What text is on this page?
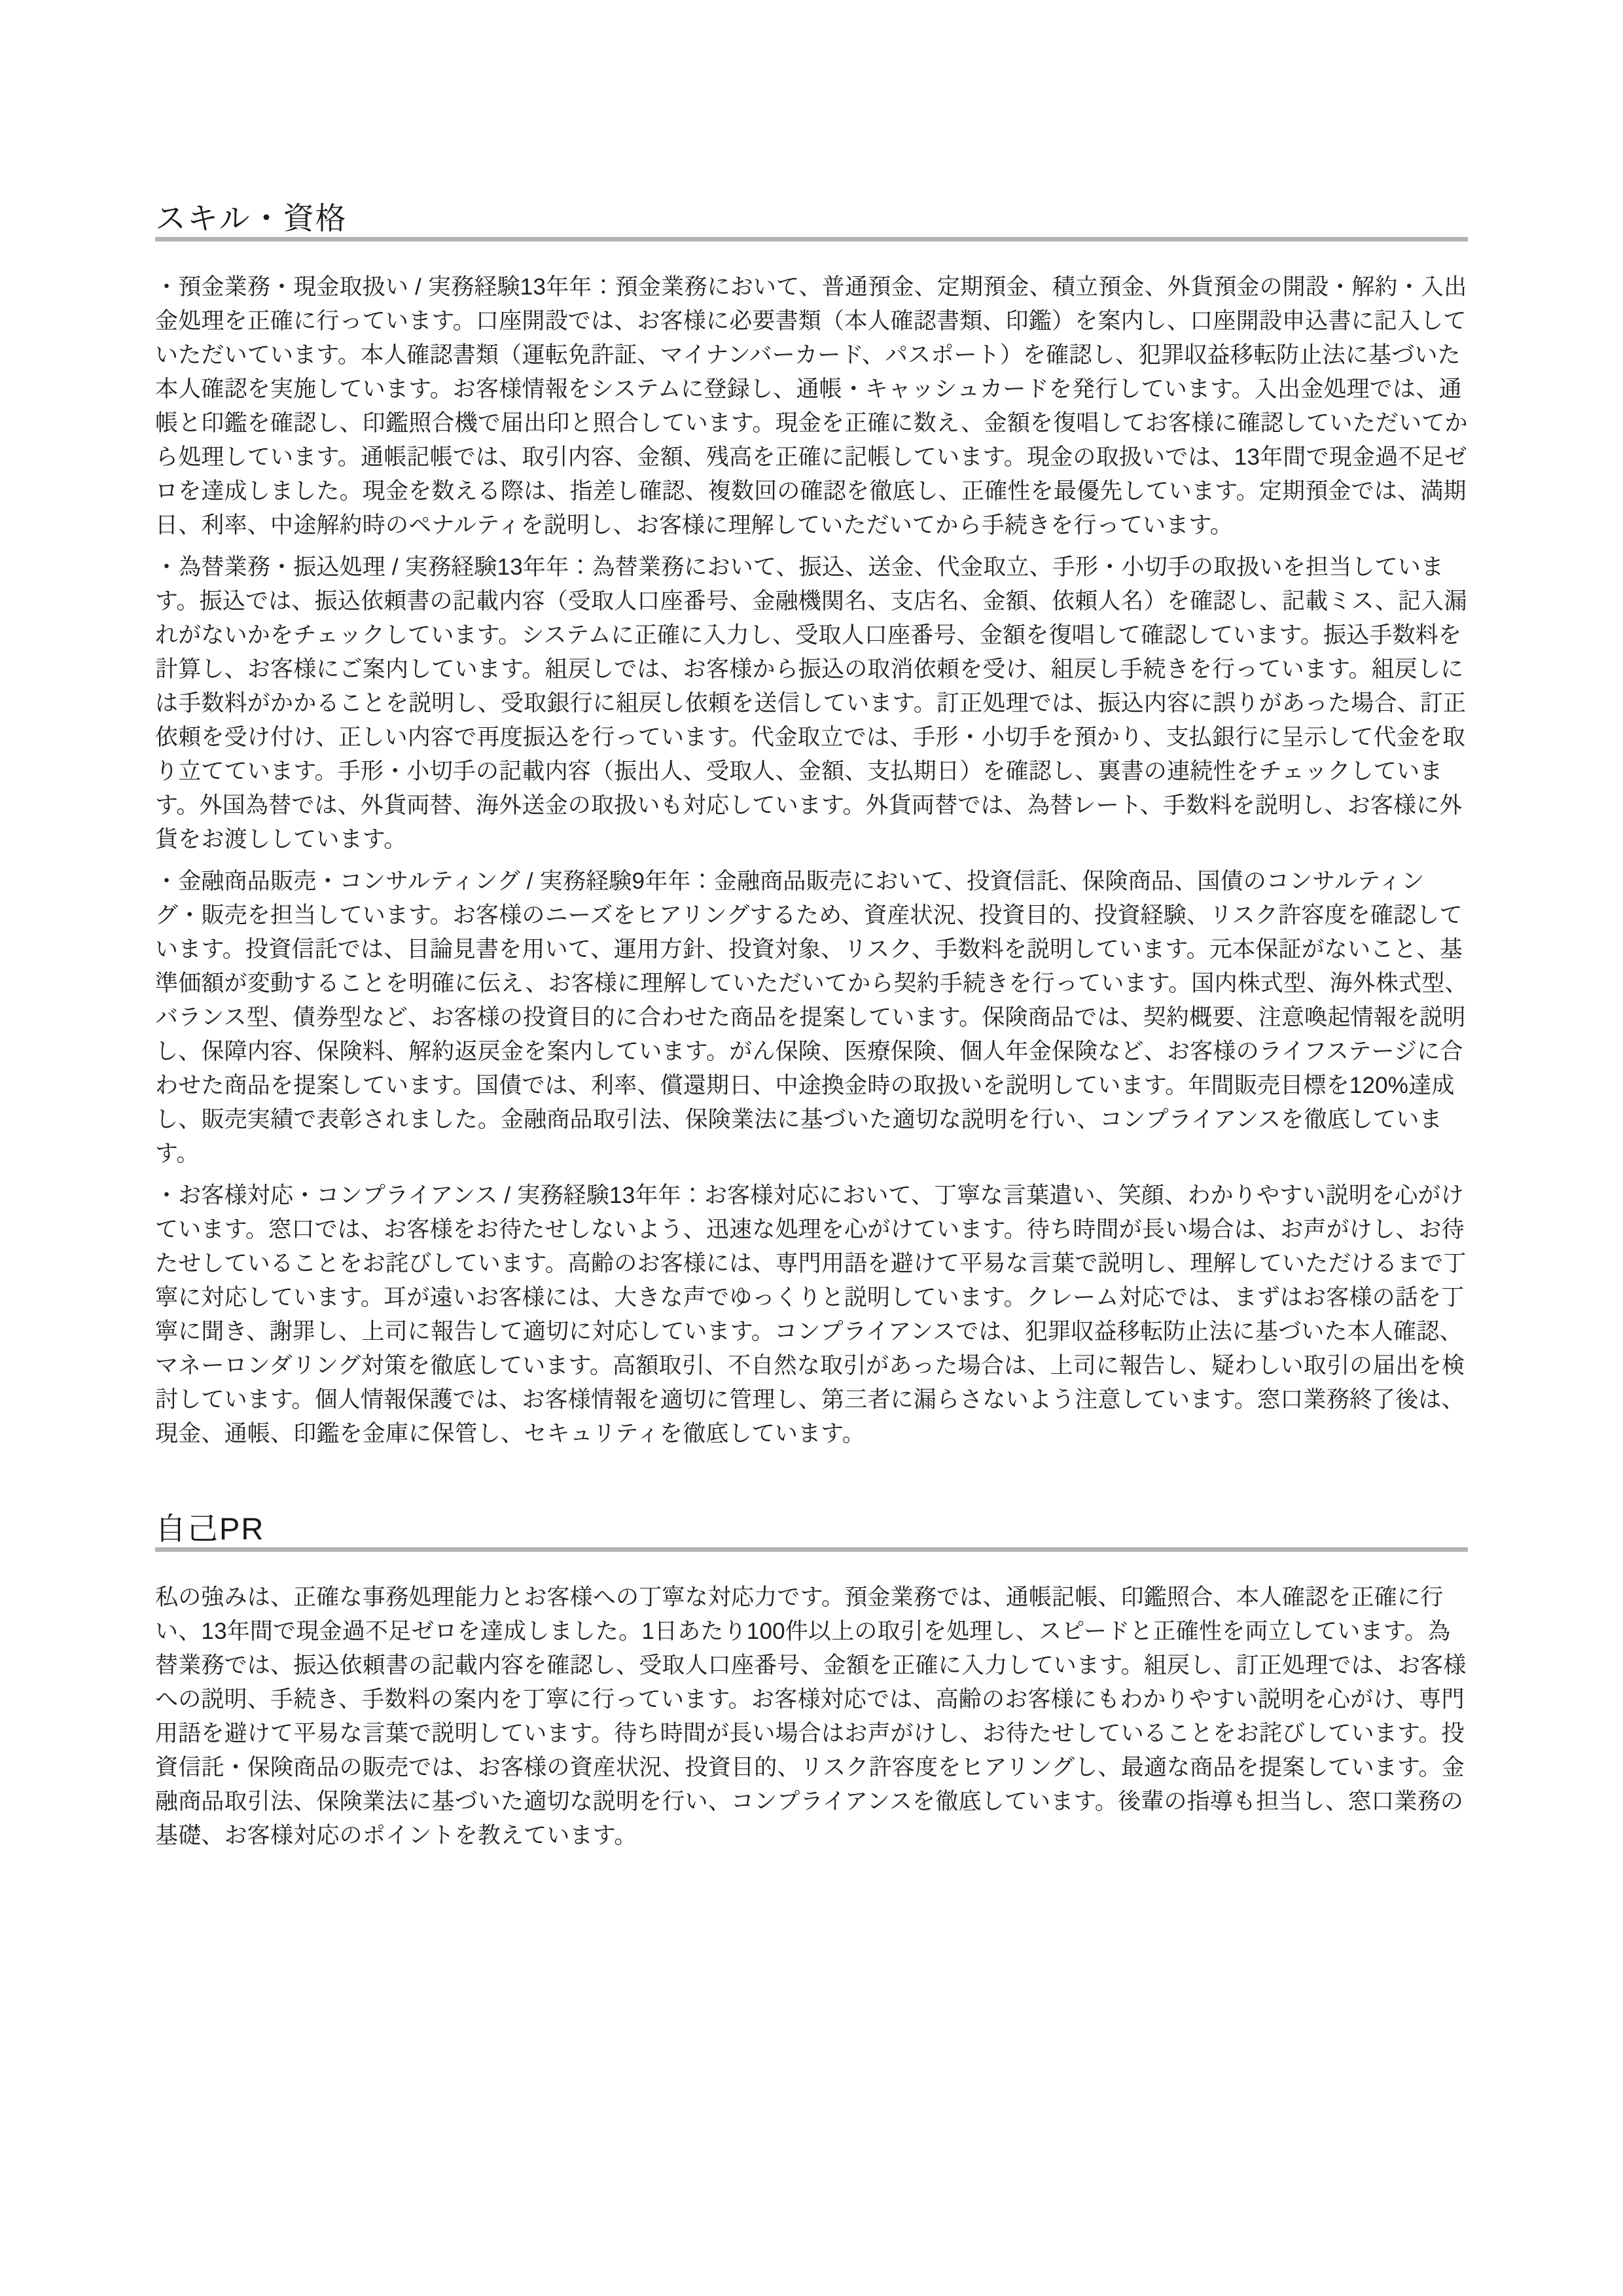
スキル・資格
・預金業務・現金取扱い / 実務経験13年年：預金業務において、普通預金、定期預金、積立預金、外貨預金の開設・解約・入出
金処理を正確に行っています。口座開設では、お客様に必要書類（本人確認書類、印鑑）を案内し、口座開設申込書に記入して
いただいています。本人確認書類（運転免許証、マイナンバーカード、パスポート）を確認し、犯罪収益移転防止法に基づいた
本人確認を実施しています。お客様情報をシステムに登録し、通帳・キャッシュカードを発行しています。入出金処理では、通
帳と印鑑を確認し、印鑑照合機で届出印と照合しています。現金を正確に数え、金額を復唱してお客様に確認していただいてか
ら処理しています。通帳記帳では、取引内容、金額、残高を正確に記帳しています。現金の取扱いでは、13年間で現金過不足ゼ
ロを達成しました。現金を数える際は、指差し確認、複数回の確認を徹底し、正確性を最優先しています。定期預金では、満期
日、利率、中途解約時のペナルティを説明し、お客様に理解していただいてから手続きを行っています。
・為替業務・振込処理 / 実務経験13年年：為替業務において、振込、送金、代金取立、手形・小切手の取扱いを担当していま
す。振込では、振込依頼書の記載内容（受取人口座番号、金融機関名、支店名、金額、依頼人名）を確認し、記載ミス、記入漏
れがないかをチェックしています。システムに正確に入力し、受取人口座番号、金額を復唱して確認しています。振込手数料を
計算し、お客様にご案内しています。組戻しでは、お客様から振込の取消依頼を受け、組戻し手続きを行っています。組戻しに
は手数料がかかることを説明し、受取銀行に組戻し依頼を送信しています。訂正処理では、振込内容に誤りがあった場合、訂正
依頼を受け付け、正しい内容で再度振込を行っています。代金取立では、手形・小切手を預かり、支払銀行に呈示して代金を取
り立てています。手形・小切手の記載内容（振出人、受取人、金額、支払期日）を確認し、裏書の連続性をチェックしていま
す。外国為替では、外貨両替、海外送金の取扱いも対応しています。外貨両替では、為替レート、手数料を説明し、お客様に外
貨をお渡ししています。
・金融商品販売・コンサルティング / 実務経験9年年：金融商品販売において、投資信託、保険商品、国債のコンサルティン
グ・販売を担当しています。お客様のニーズをヒアリングするため、資産状況、投資目的、投資経験、リスク許容度を確認して
います。投資信託では、目論見書を用いて、運用方針、投資対象、リスク、手数料を説明しています。元本保証がないこと、基
準価額が変動することを明確に伝え、お客様に理解していただいてから契約手続きを行っています。国内株式型、海外株式型、
バランス型、債券型など、お客様の投資目的に合わせた商品を提案しています。保険商品では、契約概要、注意喚起情報を説明
し、保障内容、保険料、解約返戻金を案内しています。がん保険、医療保険、個人年金保険など、お客様のライフステージに合
わせた商品を提案しています。国債では、利率、償還期日、中途換金時の取扱いを説明しています。年間販売目標を120%達成
し、販売実績で表彰されました。金融商品取引法、保険業法に基づいた適切な説明を行い、コンプライアンスを徹底していま
す。
・お客様対応・コンプライアンス / 実務経験13年年：お客様対応において、丁寧な言葉遣い、笑顔、わかりやすい説明を心がけ
ています。窓口では、お客様をお待たせしないよう、迅速な処理を心がけています。待ち時間が長い場合は、お声がけし、お待
たせしていることをお詫びしています。高齢のお客様には、専門用語を避けて平易な言葉で説明し、理解していただけるまで丁
寧に対応しています。耳が遠いお客様には、大きな声でゆっくりと説明しています。クレーム対応では、まずはお客様の話を丁
寧に聞き、謝罪し、上司に報告して適切に対応しています。コンプライアンスでは、犯罪収益移転防止法に基づいた本人確認、
マネーロンダリング対策を徹底しています。高額取引、不自然な取引があった場合は、上司に報告し、疑わしい取引の届出を検
討しています。個人情報保護では、お客様情報を適切に管理し、第三者に漏らさないよう注意しています。窓口業務終了後は、
現金、通帳、印鑑を金庫に保管し、セキュリティを徹底しています。
自己PR
私の強みは、正確な事務処理能力とお客様への丁寧な対応力です。預金業務では、通帳記帳、印鑑照合、本人確認を正確に行
い、13年間で現金過不足ゼロを達成しました。1日あたり100件以上の取引を処理し、スピードと正確性を両立しています。為
替業務では、振込依頼書の記載内容を確認し、受取人口座番号、金額を正確に入力しています。組戻し、訂正処理では、お客様
への説明、手続き、手数料の案内を丁寧に行っています。お客様対応では、高齢のお客様にもわかりやすい説明を心がけ、専門
用語を避けて平易な言葉で説明しています。待ち時間が長い場合はお声がけし、お待たせしていることをお詫びしています。投
資信託・保険商品の販売では、お客様の資産状況、投資目的、リスク許容度をヒアリングし、最適な商品を提案しています。金
融商品取引法、保険業法に基づいた適切な説明を行い、コンプライアンスを徹底しています。後輩の指導も担当し、窓口業務の
基礎、お客様対応のポイントを教えています。
